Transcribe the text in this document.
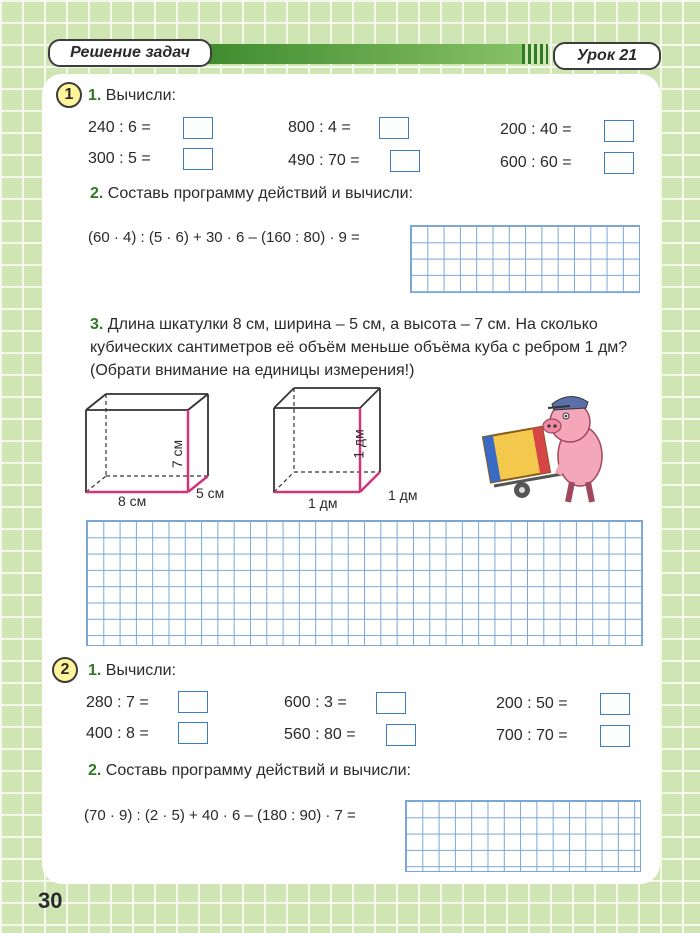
Решение задач	Урок 21
1 1. Вычисли:
240 : 6 =	800 : 4 =	200 : 40 =
300 : 5 =	490 : 70 =	600 : 60 =
2. Составь программу действий и вычисли:
(60 · 4) : (5 · 6) + 30 · 6 – (160 : 80) · 9 =
3. Длина шкатулки 8 см, ширина – 5 см, а высота – 7 см. На сколько кубических сантиметров её объём меньше объёма куба с ребром 1 дм? (Обрати внимание на единицы измерения!)
7 см
8 см	5 см
1 дм
1 дм	1 дм
2	1. Вычисли:
280 : 7 =	600 : 3 =	200 : 50 =
400 : 8 =	560 : 80 =	700 : 70 =
2. Составь программу действий и вычисли:
(70 · 9) : (2 · 5) + 40 · 6 – (180 : 90) · 7 =
30
